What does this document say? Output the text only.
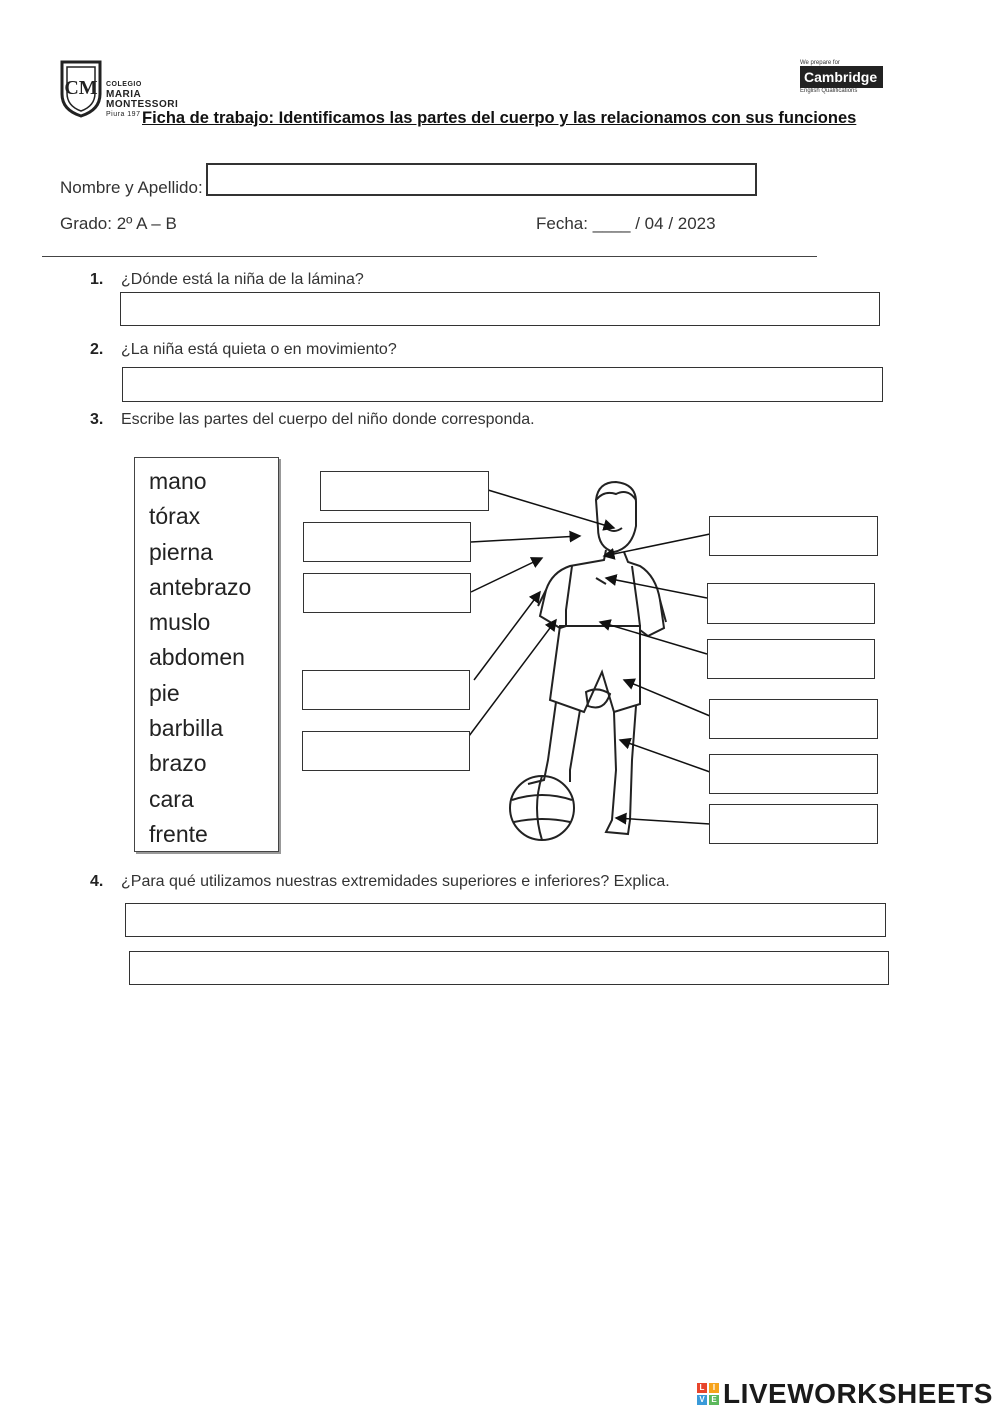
CM COLEGIO
MARIA
MONTESSORI
Piura 197
We prepare for
Cambridge
English Qualifications
Ficha de trabajo: Identificamos las partes del cuerpo y las relacionamos con sus funciones
Nombre y Apellido:
Grado: 2º A – B	Fecha: ____ / 04 / 2023
1. ¿Dónde está la niña de la lámina?
2. ¿La niña está quieta o en movimiento?
3. Escribe las partes del cuerpo del niño donde corresponda.
mano
tórax
pierna
antebrazo
muslo
abdomen
pie
barbilla
brazo
cara
frente
4. ¿Para qué utilizamos nuestras extremidades superiores e inferiores? Explica.
L	I
V E LIVEWORKSHEETS
